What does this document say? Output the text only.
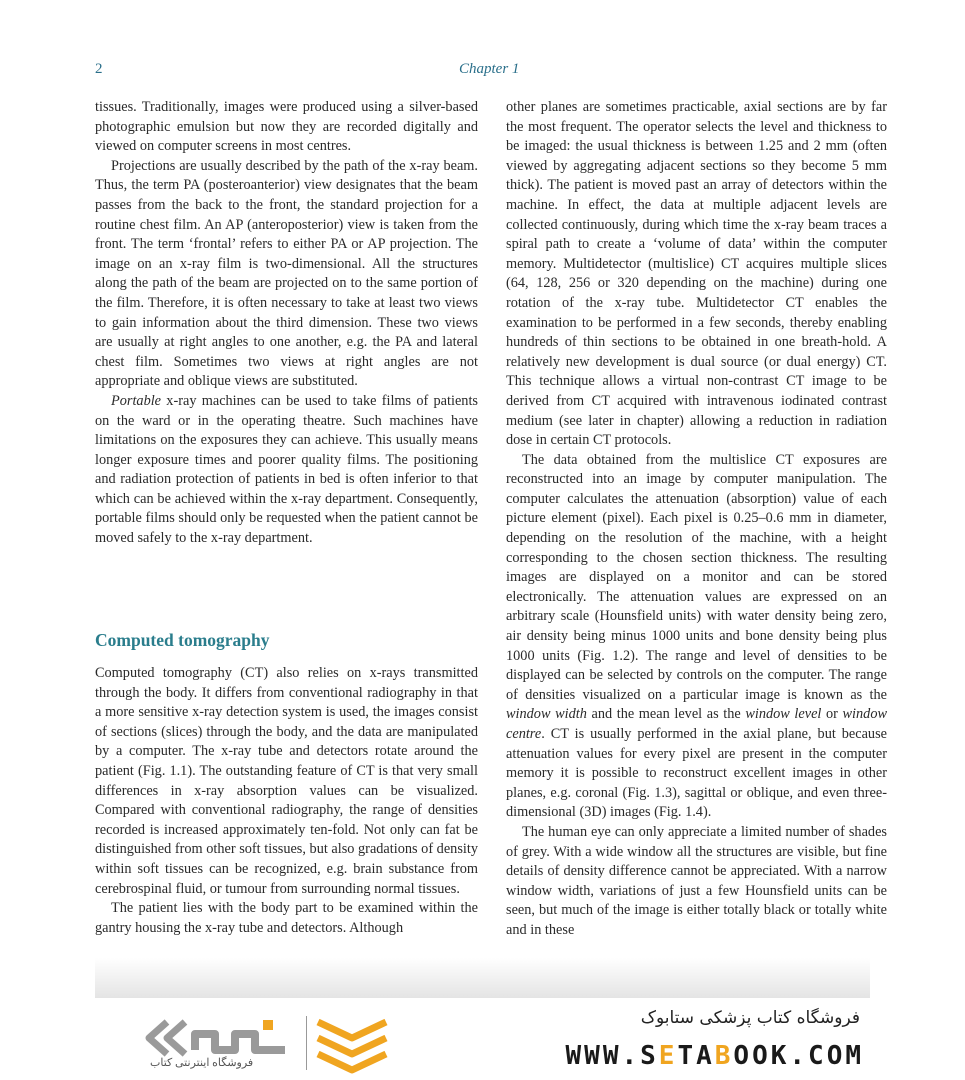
2	Chapter 1

tissues. Traditionally, images were produced using a silver-based photographic emulsion but now they are recorded digitally and viewed on computer screens in most centres.

Projections are usually described by the path of the x-ray beam. Thus, the term PA (posteroanterior) view designates that the beam passes from the back to the front, the standard projection for a routine chest film. An AP (anteroposterior) view is taken from the front. The term ‘frontal’ refers to either PA or AP projection. The image on an x-ray film is two-dimensional. All the structures along the path of the beam are projected on to the same portion of the film. Therefore, it is often necessary to take at least two views to gain information about the third dimension. These two views are usually at right angles to one another, e.g. the PA and lateral chest film. Sometimes two views at right angles are not appropriate and oblique views are substituted.

Portable x-ray machines can be used to take films of patients on the ward or in the operating theatre. Such machines have limitations on the exposures they can achieve. This usually means longer exposure times and poorer quality films. The positioning and radiation protection of patients in bed is often inferior to that which can be achieved within the x-ray department. Consequently, portable films should only be requested when the patient cannot be moved safely to the x-ray department.

Computed tomography

Computed tomography (CT) also relies on x-rays transmitted through the body. It differs from conventional radiography in that a more sensitive x-ray detection system is used, the images consist of sections (slices) through the body, and the data are manipulated by a computer. The x-ray tube and detectors rotate around the patient (Fig. 1.1). The outstanding feature of CT is that very small differences in x-ray absorption values can be visualized. Compared with conventional radiography, the range of densities recorded is increased approximately ten-fold. Not only can fat be distinguished from other soft tissues, but also gradations of density within soft tissues can be recognized, e.g. brain substance from cerebrospinal fluid, or tumour from surrounding normal tissues.

The patient lies with the body part to be examined within the gantry housing the x-ray tube and detectors. Although

other planes are sometimes practicable, axial sections are by far the most frequent. The operator selects the level and thickness to be imaged: the usual thickness is between 1.25 and 2 mm (often viewed by aggregating adjacent sections so they become 5 mm thick). The patient is moved past an array of detectors within the machine. In effect, the data at multiple adjacent levels are collected continuously, during which time the x-ray beam traces a spiral path to create a ‘volume of data’ within the computer memory. Multidetector (multislice) CT acquires multiple slices (64, 128, 256 or 320 depending on the machine) during one rotation of the x-ray tube. Multidetector CT enables the examination to be performed in a few seconds, thereby enabling hundreds of thin sections to be obtained in one breath-hold. A relatively new development is dual source (or dual energy) CT. This technique allows a virtual non-contrast CT image to be derived from CT acquired with intravenous iodinated contrast medium (see later in chapter) allowing a reduction in radiation dose in certain CT protocols.

The data obtained from the multislice CT exposures are reconstructed into an image by computer manipulation. The computer calculates the attenuation (absorption) value of each picture element (pixel). Each pixel is 0.25–0.6 mm in diameter, depending on the resolution of the machine, with a height corresponding to the chosen section thickness. The resulting images are displayed on a monitor and can be stored electronically. The attenuation values are expressed on an arbitrary scale (Hounsfield units) with water density being zero, air density being minus 1000 units and bone density being plus 1000 units (Fig. 1.2). The range and level of densities to be displayed can be selected by controls on the computer. The range of densities visualized on a particular image is known as the window width and the mean level as the window level or window centre. CT is usually performed in the axial plane, but because attenuation values for every pixel are present in the computer memory it is possible to reconstruct excellent images in other planes, e.g. coronal (Fig. 1.3), sagittal or oblique, and even three-dimensional (3D) images (Fig. 1.4).

The human eye can only appreciate a limited number of shades of grey. With a wide window all the structures are visible, but fine details of density difference cannot be appreciated. With a narrow window width, variations of just a few Hounsfield units can be seen, but much of the image is either totally black or totally white and in these

فروشگاه اینترنتی کتاب
فروشگاه کتاب پزشکی ستابوک
WWW.SETABOOK.COM
